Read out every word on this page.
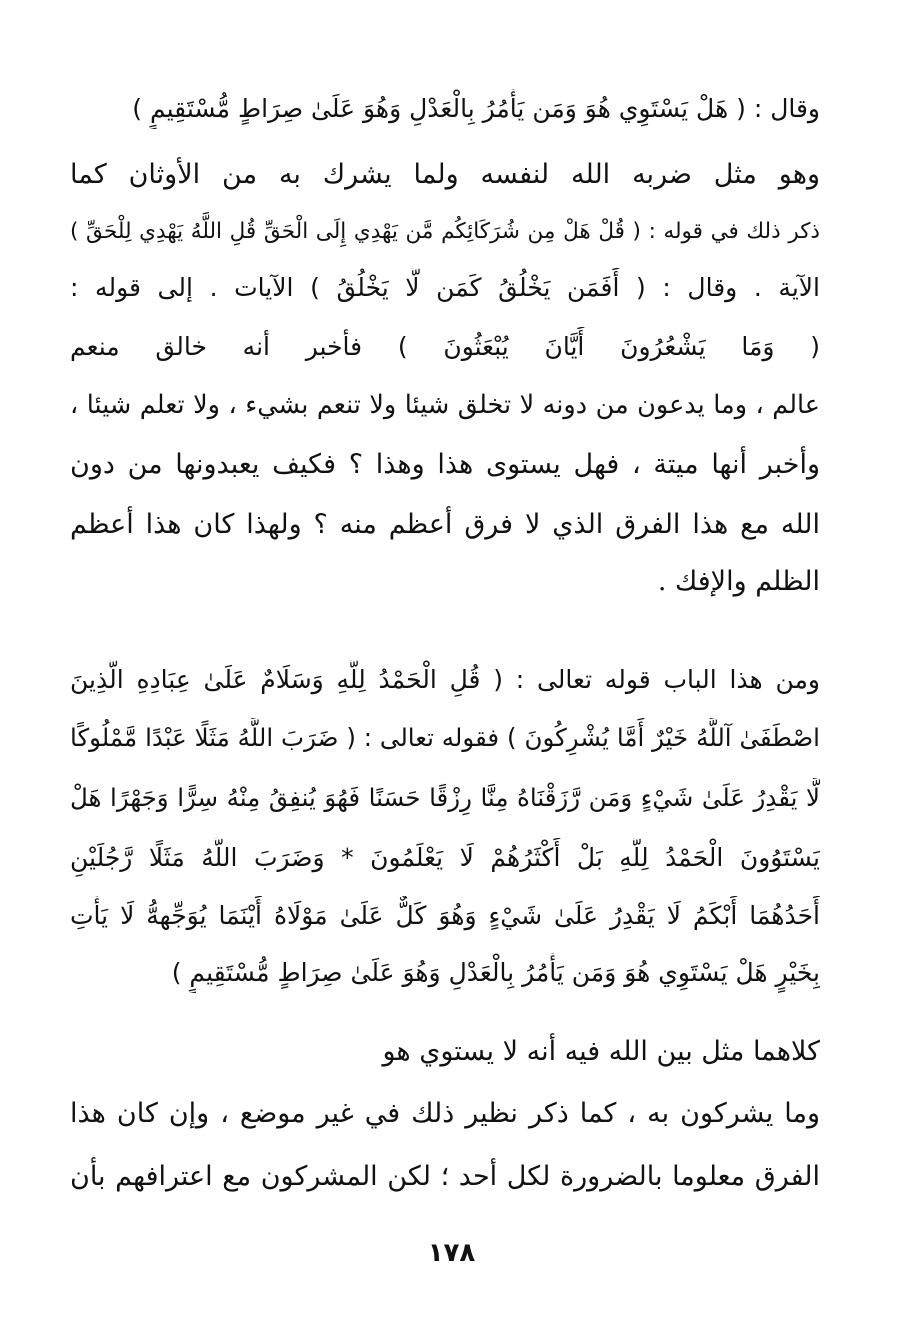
وقال : ( هَلْ يَسْتَوِي هُوَ وَمَن يَأْمُرُ بِالْعَدْلِ وَهُوَ عَلَىٰ صِرَاطٍ مُّسْتَقِيمٍ )
وهو مثل ضربه الله لنفسه ولما يشرك به من الأوثان كما
ذكر ذلك في قوله : ( قُلْ هَلْ مِن شُرَكَائِكُم مَّن يَهْدِي إِلَى الْحَقِّ قُلِ اللَّهُ يَهْدِي لِلْحَقِّ )
الآية . وقال : ( أَفَمَن يَخْلُقُ كَمَن لَّا يَخْلُقُ ) الآيات . إلى قوله :
( وَمَا يَشْعُرُونَ أَيَّانَ يُبْعَثُونَ ) فأخبر أنه خالق منعم
عالم ، وما يدعون من دونه لا تخلق شيئا ولا تنعم بشيء ، ولا تعلم شيئا ،
وأخبر أنها ميتة ، فهل يستوى هذا وهذا ؟ فكيف يعبدونها من دون
الله مع هذا الفرق الذي لا فرق أعظم منه ؟ ولهذا كان هذا أعظم
الظلم والإفك .
ومن هذا الباب قوله تعالى : ( قُلِ الْحَمْدُ لِلَّهِ وَسَلَامٌ عَلَىٰ عِبَادِهِ الَّذِينَ
اصْطَفَىٰ آللَّهُ خَيْرٌ أَمَّا يُشْرِكُونَ ) فقوله تعالى : ( ضَرَبَ اللَّهُ مَثَلًا عَبْدًا مَّمْلُوكًا
لَّا يَقْدِرُ عَلَىٰ شَيْءٍ وَمَن رَّزَقْنَاهُ مِنَّا رِزْقًا حَسَنًا فَهُوَ يُنفِقُ مِنْهُ سِرًّا وَجَهْرًا هَلْ
يَسْتَوُونَ الْحَمْدُ لِلَّهِ بَلْ أَكْثَرُهُمْ لَا يَعْلَمُونَ * وَضَرَبَ اللَّهُ مَثَلًا رَّجُلَيْنِ
أَحَدُهُمَا أَبْكَمُ لَا يَقْدِرُ عَلَىٰ شَيْءٍ وَهُوَ كَلٌّ عَلَىٰ مَوْلَاهُ أَيْنَمَا يُوَجِّههُّ لَا يَأْتِ
بِخَيْرٍ هَلْ يَسْتَوِي هُوَ وَمَن يَأْمُرُ بِالْعَدْلِ وَهُوَ عَلَىٰ صِرَاطٍ مُّسْتَقِيمٍ )
كلاهما مثل بين الله فيه أنه لا يستوي هو
وما يشركون به ، كما ذكر نظير ذلك في غير موضع ، وإن كان هذا
الفرق معلوما بالضرورة لكل أحد ؛ لكن المشركون مع اعترافهم بأن
١٧٨
